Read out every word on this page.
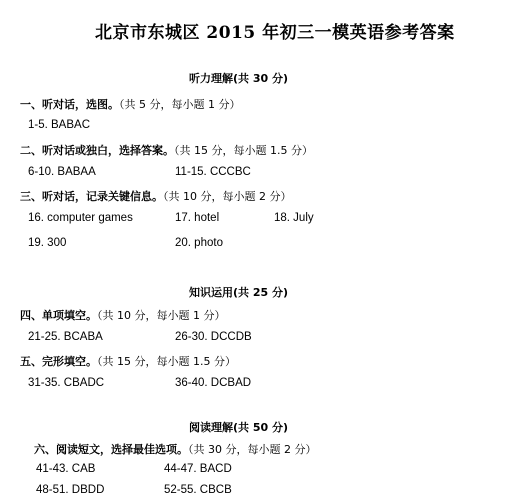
北京市东城区 2015 年初三一模英语参考答案
听力理解(共 30 分)
一、听对话，选图。（共 5 分，每小题 1 分）
1-5. BABAC
二、听对话或独白，选择答案。（共 15 分，每小题 1.5 分）
6-10. BABAA	11-15. CCCBC
三、听对话，记录关键信息。（共 10 分，每小题 2 分）
16. computer games	17. hotel	18. July
19. 300	20. photo
知识运用(共 25 分)
四、单项填空。（共 10 分，每小题 1 分）
21-25. BCABA	26-30. DCCDB
五、完形填空。（共 15 分，每小题 1.5 分）
31-35. CBADC	36-40. DCBAD
阅读理解(共 50 分)
六、阅读短文，选择最佳选项。（共 30 分，每小题 2 分）
41-43. CAB	44-47. BACD
48-51. DBDD	52-55. CBCB
